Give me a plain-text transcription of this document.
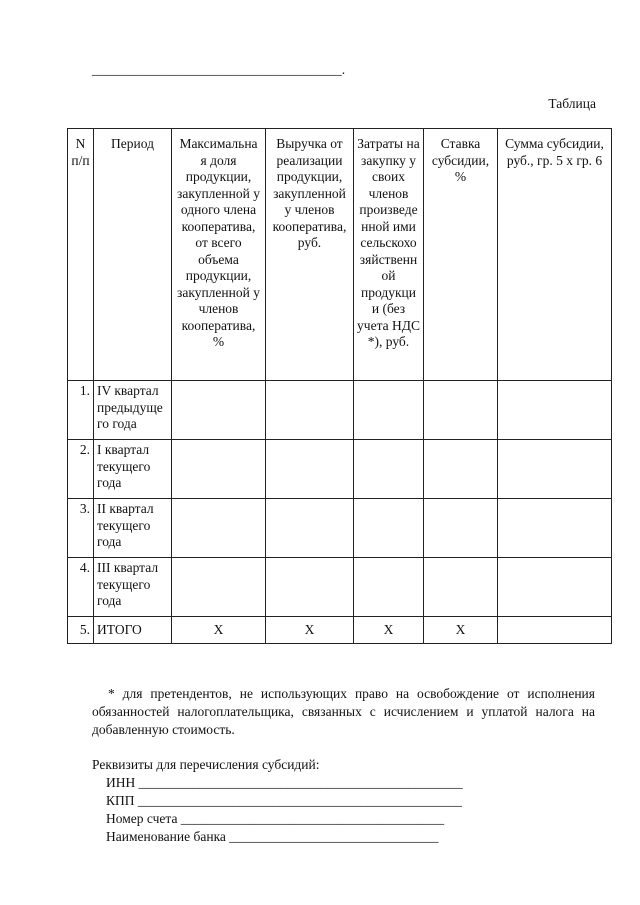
_____________________________________.
Таблица
N п/п	Период	Максимальна я доля продукции, закупленной у одного члена кооператива, от всего объема продукции, закупленной у членов кооператива, %	Выручка от реализации продукции, закупленной у членов кооператива, руб.	Затраты на закупку у своих членов произведе нной ими сельскохо зяйственн ой продукци и (без учета НДС *), руб.	Ставка субсидии, %	Сумма субсидии, руб., гр. 5 x гр. 6
1.	IV квартал предыдуще го года					
2.	I квартал текущего года					
3.	II квартал текущего года					
4.	III квартал текущего года					
5.	ИТОГО	X	X	X	X	
* для претендентов, не использующих право на освобождение от исполнения обязанностей налогоплательщика, связанных с исчислением и уплатой налога на добавленную стоимость.
Реквизиты для перечисления субсидий:
ИНН ________________________________________________
КПП ________________________________________________
Номер счета _______________________________________
Наименование банка _______________________________
